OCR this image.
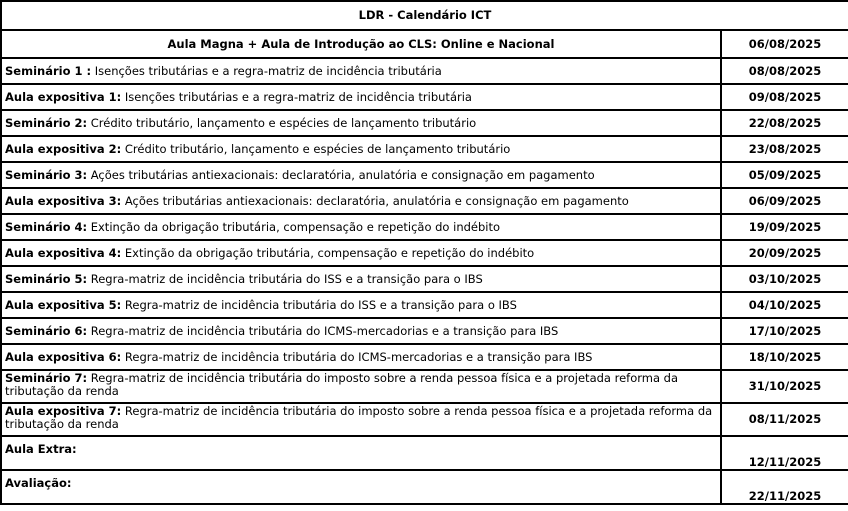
LDR - Calendário ICT	
Aula Magna + Aula de Introdução ao CLS: Online e Nacional	06/08/2025
Seminário 1 : Isenções tributárias e a regra-matriz de incidência tributária	08/08/2025
Aula expositiva 1: Isenções tributárias e a regra-matriz de incidência tributária	09/08/2025
Seminário 2: Crédito tributário, lançamento e espécies de lançamento tributário	22/08/2025
Aula expositiva 2: Crédito tributário, lançamento e espécies de lançamento tributário	23/08/2025
Seminário 3: Ações tributárias antiexacionais: declaratória, anulatória e consignação em pagamento	05/09/2025
Aula expositiva 3: Ações tributárias antiexacionais: declaratória, anulatória e consignação em pagamento	06/09/2025
Seminário 4: Extinção da obrigação tributária, compensação e repetição do indébito	19/09/2025
Aula expositiva 4: Extinção da obrigação tributária, compensação e repetição do indébito	20/09/2025
Seminário 5: Regra-matriz de incidência tributária do ISS e a transição para o IBS	03/10/2025
Aula expositiva 5: Regra-matriz de incidência tributária do ISS e a transição para o IBS	04/10/2025
Seminário 6: Regra-matriz de incidência tributária do ICMS-mercadorias e a transição para IBS	17/10/2025
Aula expositiva 6: Regra-matriz de incidência tributária do ICMS-mercadorias e a transição para IBS	18/10/2025
Seminário 7: Regra-matriz de incidência tributária do imposto sobre a renda pessoa física e a projetada reforma da tributação da renda	31/10/2025
Aula expositiva 7: Regra-matriz de incidência tributária do imposto sobre a renda pessoa física e a projetada reforma da tributação da renda	08/11/2025
Aula Extra:	12/11/2025
Avaliação:	22/11/2025
